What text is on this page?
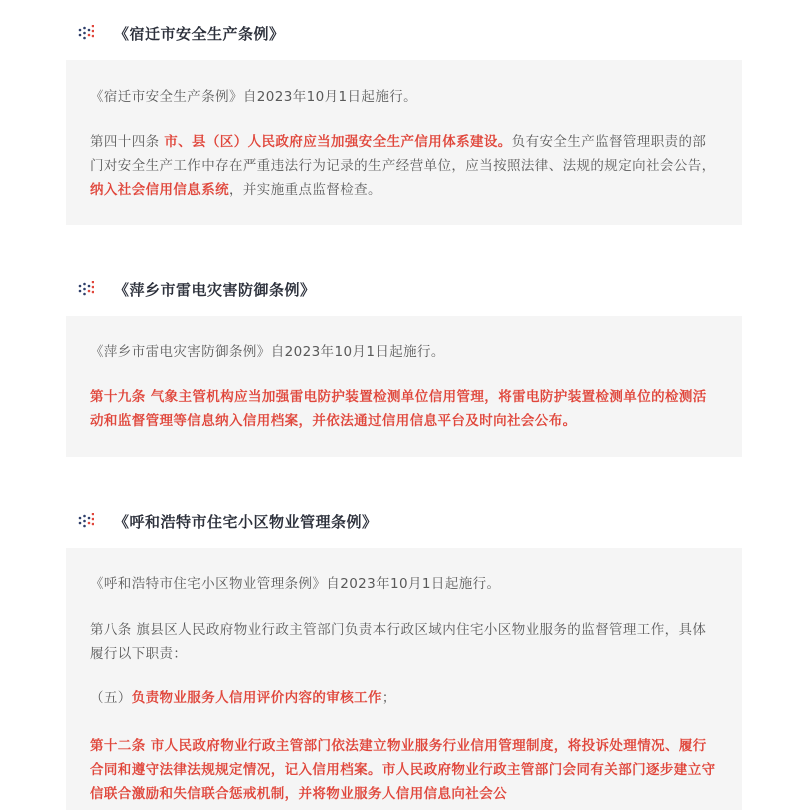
《宿迁市安全生产条例》

《宿迁市安全生产条例》自2023年10月1日起施行。

第四十四条 市、县（区）人民政府应当加强安全生产信用体系建设。负有安全生产监督管理职责的部门对安全生产工作中存在严重违法行为记录的生产经营单位，应当按照法律、法规的规定向社会公告，纳入社会信用信息系统，并实施重点监督检查。

《萍乡市雷电灾害防御条例》

《萍乡市雷电灾害防御条例》自2023年10月1日起施行。

第十九条 气象主管机构应当加强雷电防护装置检测单位信用管理，将雷电防护装置检测单位的检测活动和监督管理等信息纳入信用档案，并依法通过信用信息平台及时向社会公布。

《呼和浩特市住宅小区物业管理条例》

《呼和浩特市住宅小区物业管理条例》自2023年10月1日起施行。

第八条 旗县区人民政府物业行政主管部门负责本行政区域内住宅小区物业服务的监督管理工作，具体履行以下职责：

（五）负责物业服务人信用评价内容的审核工作；

第十二条 市人民政府物业行政主管部门依法建立物业服务行业信用管理制度，将投诉处理情况、履行合同和遵守法律法规规定情况，记入信用档案。市人民政府物业行政主管部门会同有关部门逐步建立守信联合激励和失信联合惩戒机制，并将物业服务人信用信息向社会公
